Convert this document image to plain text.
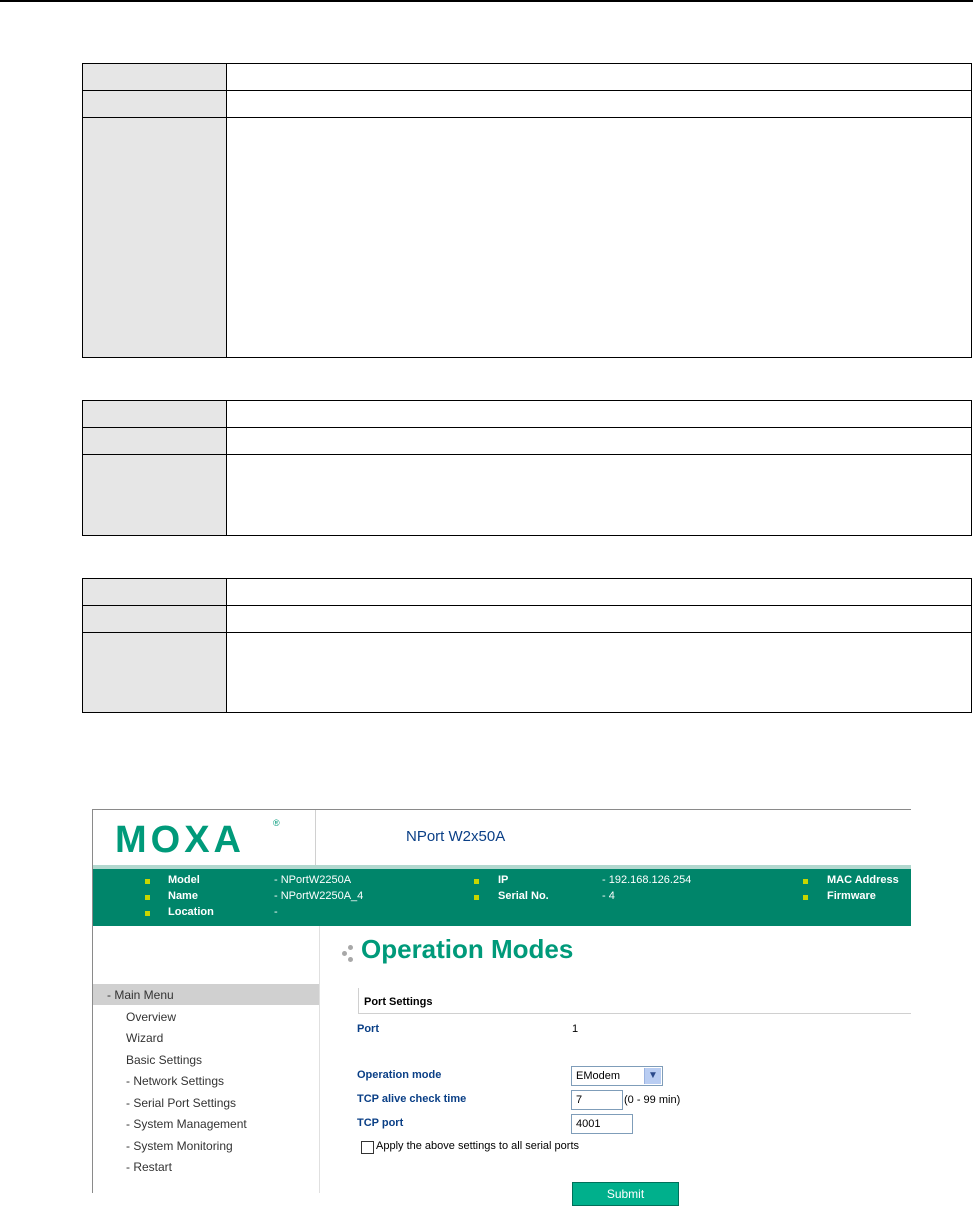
MOXA	®
NPort W2x50A
Model	- NPortW2250A
Name	- NPortW2250A_4
Location	-
IP	- 192.168.126.254
Serial No.	- 4
MAC Address
Firmware
- Main Menu
Overview
Wizard
Basic Settings
- Network Settings
- Serial Port Settings
- System Management
- System Monitoring
- Restart
Operation Modes
Port Settings
Port	1
Operation mode	EModem	▼
TCP alive check time	7	(0 - 99 min)
TCP port	4001
Apply the above settings to all serial ports
Submit
